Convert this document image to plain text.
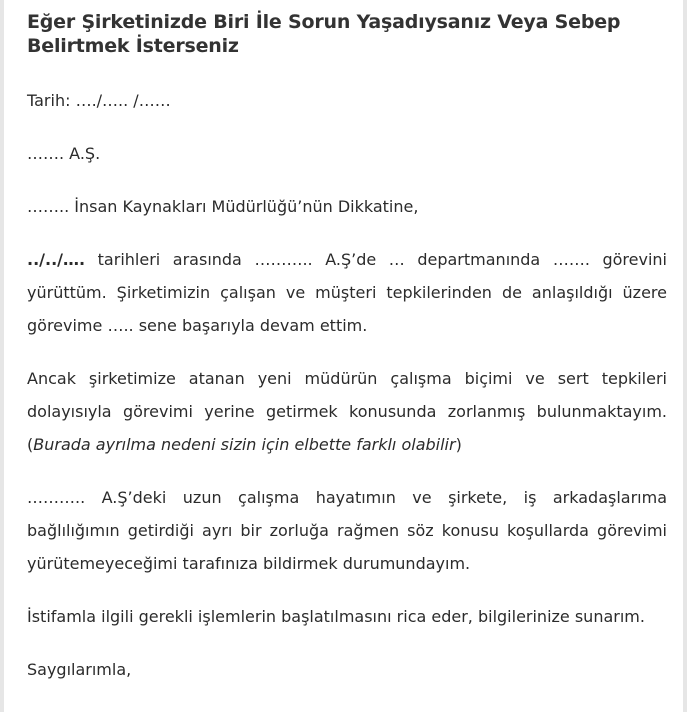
Eğer Şirketinizde Biri İle Sorun Yaşadıysanız Veya Sebep Belirtmek İsterseniz

Tarih: …./….. /……

……. A.Ş.

…….. İnsan Kaynakları Müdürlüğü’nün Dikkatine,

../../…. tarihleri arasında ……….. A.Ş’de … departmanında ……. görevini yürüttüm. Şirketimizin çalışan ve müşteri tepkilerinden de anlaşıldığı üzere görevime ….. sene başarıyla devam ettim.

Ancak şirketimize atanan yeni müdürün çalışma biçimi ve sert tepkileri dolayısıyla görevimi yerine getirmek konusunda zorlanmış bulunmaktayım. (Burada ayrılma nedeni sizin için elbette farklı olabilir)

……….. A.Ş’deki uzun çalışma hayatımın ve şirkete, iş arkadaşlarıma bağlılığımın getirdiği ayrı bir zorluğa rağmen söz konusu koşullarda görevimi yürütemeyeceğimi tarafınıza bildirmek durumundayım.

İstifamla ilgili gerekli işlemlerin başlatılmasını rica eder, bilgilerinize sunarım.

Saygılarımla,
